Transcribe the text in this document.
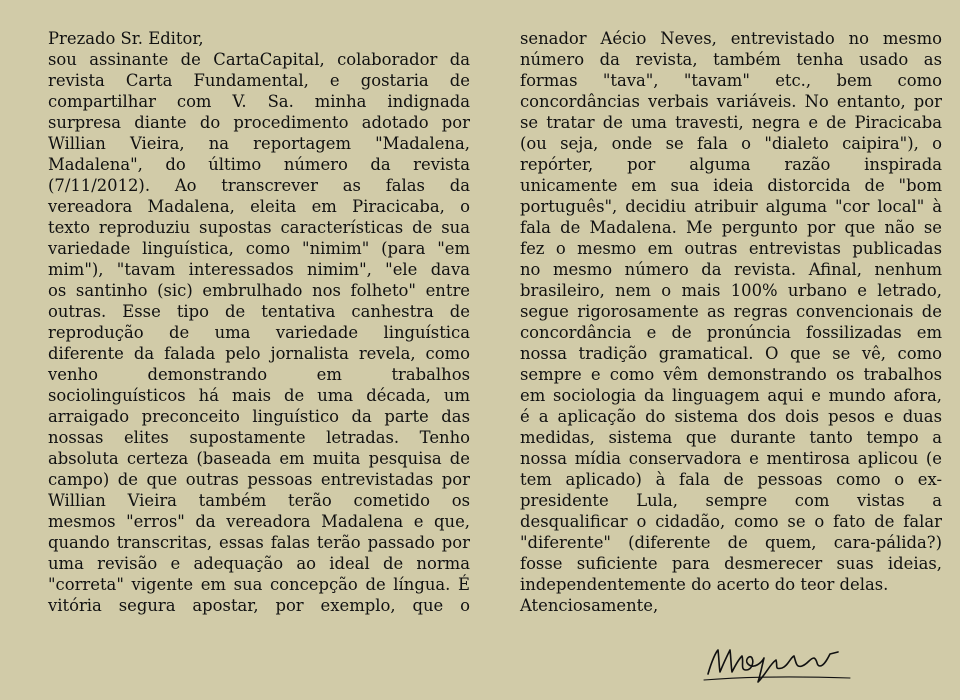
Prezado Sr. Editor,
sou assinante de CartaCapital, colaborador da
revista Carta Fundamental, e gostaria de
compartilhar com V. Sa. minha indignada
surpresa diante do procedimento adotado por
Willian Vieira, na reportagem "Madalena,
Madalena", do último número da revista
(7/11/2012). Ao transcrever as falas da
vereadora Madalena, eleita em Piracicaba, o
texto reproduziu supostas características de sua
variedade linguística, como "nimim" (para "em
mim"), "tavam interessados nimim", "ele dava
os santinho (sic) embrulhado nos folheto" entre
outras. Esse tipo de tentativa canhestra de
reprodução de uma variedade linguística
diferente da falada pelo jornalista revela, como
venho demonstrando em trabalhos
sociolinguísticos há mais de uma década, um
arraigado preconceito linguístico da parte das
nossas elites supostamente letradas. Tenho
absoluta certeza (baseada em muita pesquisa de
campo) de que outras pessoas entrevistadas por
Willian Vieira também terão cometido os
mesmos "erros" da vereadora Madalena e que,
quando transcritas, essas falas terão passado por
uma revisão e adequação ao ideal de norma
"correta" vigente em sua concepção de língua. É
vitória segura apostar, por exemplo, que o
senador Aécio Neves, entrevistado no mesmo
número da revista, também tenha usado as
formas "tava", "tavam" etc., bem como
concordâncias verbais variáveis. No entanto, por
se tratar de uma travesti, negra e de Piracicaba
(ou seja, onde se fala o "dialeto caipira"), o
repórter, por alguma razão inspirada
unicamente em sua ideia distorcida de "bom
português", decidiu atribuir alguma "cor local" à
fala de Madalena. Me pergunto por que não se
fez o mesmo em outras entrevistas publicadas
no mesmo número da revista. Afinal, nenhum
brasileiro, nem o mais 100% urbano e letrado,
segue rigorosamente as regras convencionais de
concordância e de pronúncia fossilizadas em
nossa tradição gramatical. O que se vê, como
sempre e como vêm demonstrando os trabalhos
em sociologia da linguagem aqui e mundo afora,
é a aplicação do sistema dos dois pesos e duas
medidas, sistema que durante tanto tempo a
nossa mídia conservadora e mentirosa aplicou (e
tem aplicado) à fala de pessoas como o ex-
presidente Lula, sempre com vistas a
desqualificar o cidadão, como se o fato de falar
"diferente" (diferente de quem, cara-pálida?)
fosse suficiente para desmerecer suas ideias,
independentemente do acerto do teor delas.
Atenciosamente,
